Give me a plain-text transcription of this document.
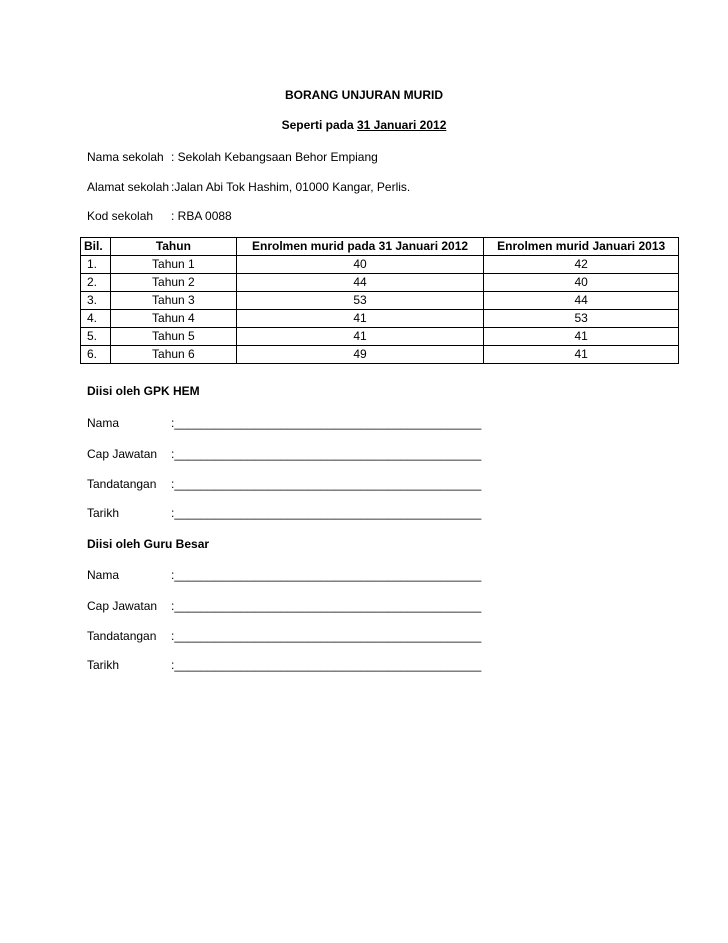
BORANG UNJURAN MURID
Seperti pada 31 Januari 2012
Nama sekolah : Sekolah Kebangsaan Behor Empiang
Alamat sekolah :Jalan Abi Tok Hashim, 01000 Kangar, Perlis.
Kod sekolah : RBA 0088
Bil.	Tahun	Enrolmen murid pada 31 Januari 2012	Enrolmen murid Januari 2013
1.	Tahun 1	40	42
2.	Tahun 2	44	40
3.	Tahun 3	53	44
4.	Tahun 4	41	53
5.	Tahun 5	41	41
6.	Tahun 6	49	41
Diisi oleh GPK HEM
Nama	:______________________________________________
Cap Jawatan :______________________________________________
Tandatangan :______________________________________________
Tarikh	:______________________________________________
Diisi oleh Guru Besar
Nama	:______________________________________________
Cap Jawatan :______________________________________________
Tandatangan :______________________________________________
Tarikh	:______________________________________________
